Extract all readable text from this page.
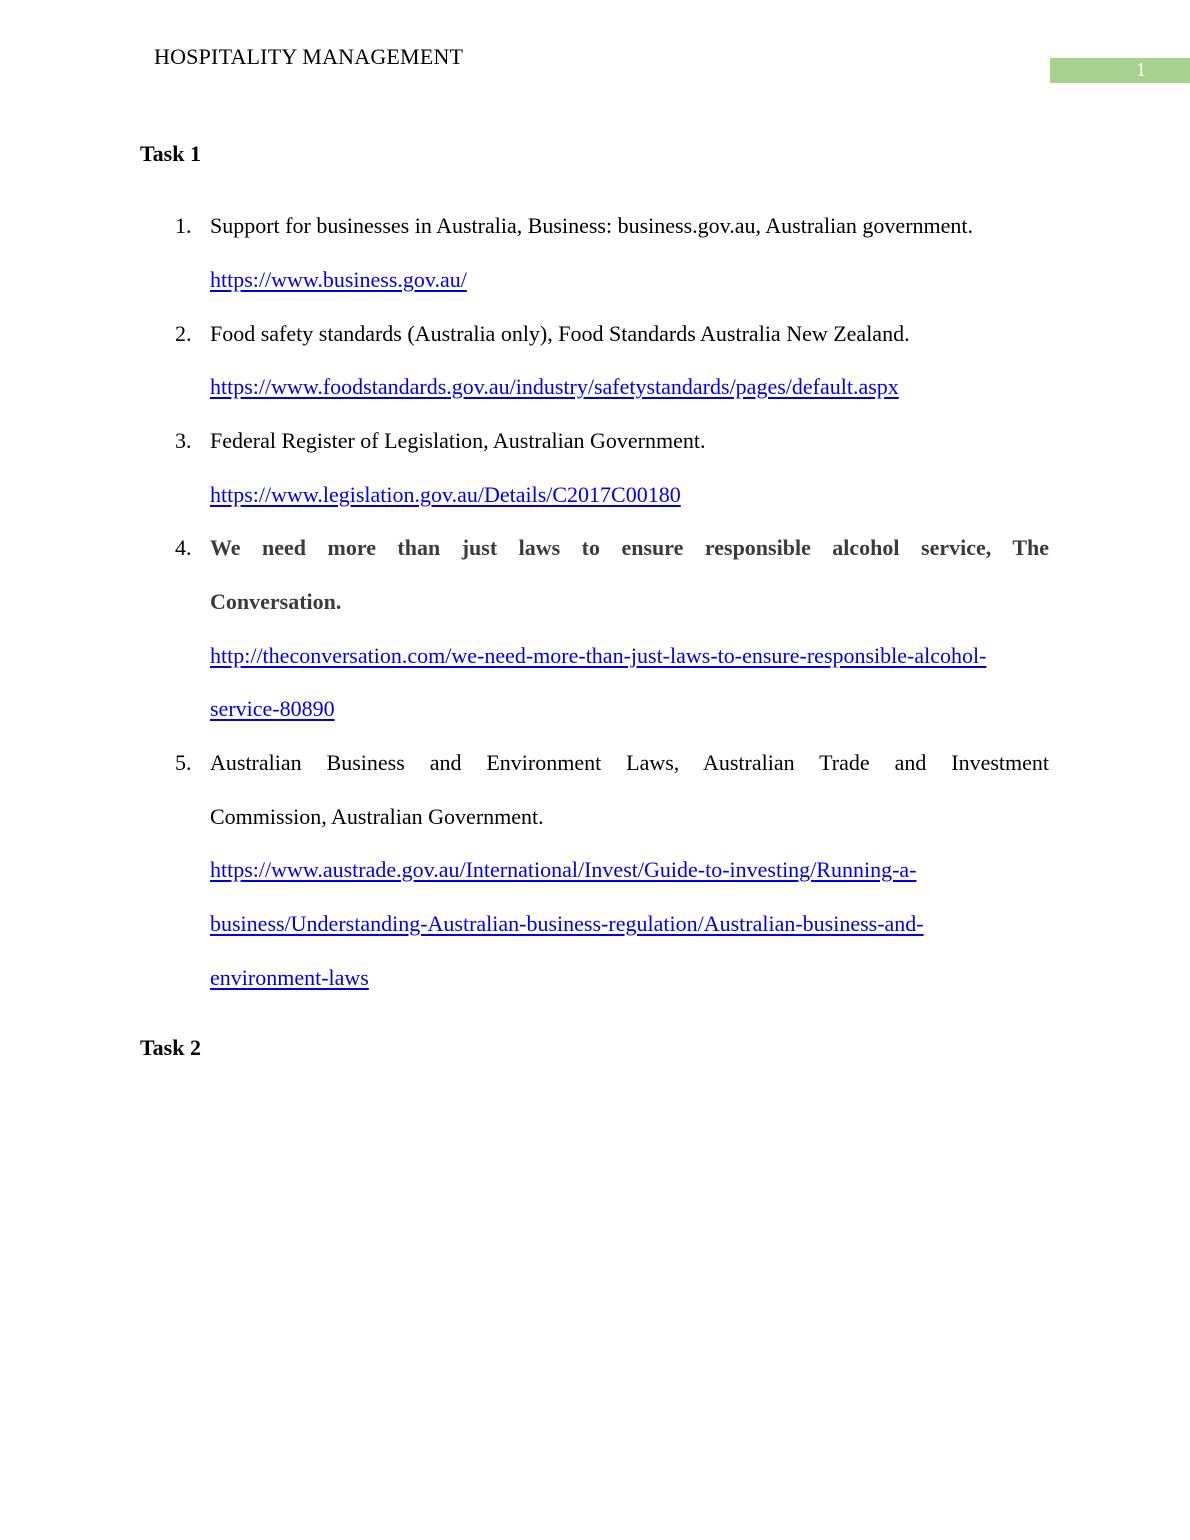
HOSPITALITY MANAGEMENT
1
Task 1
1. Support for businesses in Australia, Business: business.gov.au, Australian government.
https://www.business.gov.au/
2. Food safety standards (Australia only), Food Standards Australia New Zealand.
https://www.foodstandards.gov.au/industry/safetystandards/pages/default.aspx
3. Federal Register of Legislation, Australian Government.
https://www.legislation.gov.au/Details/C2017C00180
4. We need more than just laws to ensure responsible alcohol service, The
Conversation.
http://theconversation.com/we-need-more-than-just-laws-to-ensure-responsible-alcohol-
service-80890
5. Australian Business and Environment Laws, Australian Trade and Investment
Commission, Australian Government.
https://www.austrade.gov.au/International/Invest/Guide-to-investing/Running-a-
business/Understanding-Australian-business-regulation/Australian-business-and-
environment-laws
Task 2
